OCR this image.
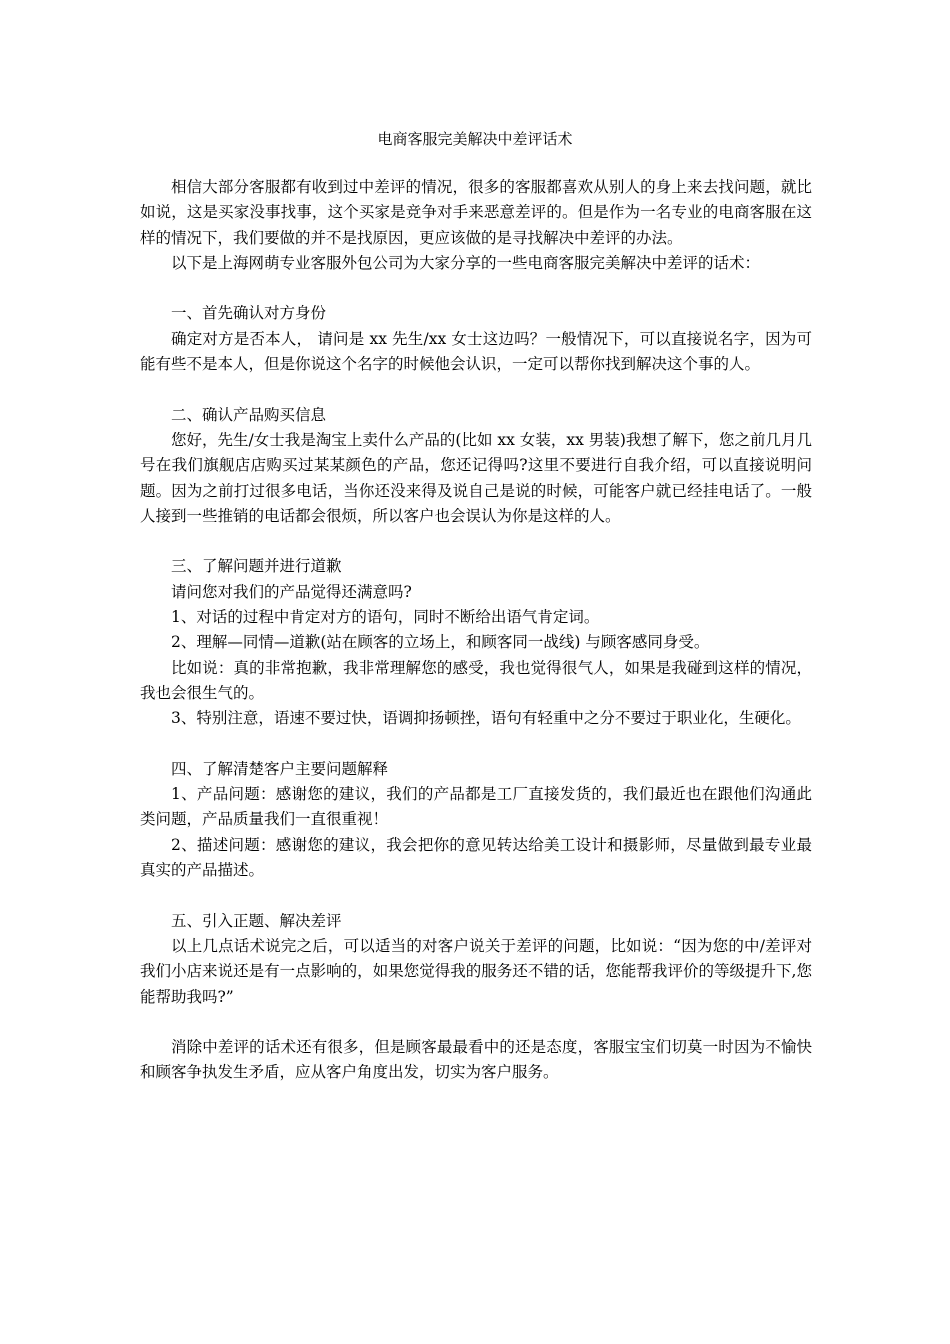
电商客服完美解决中差评话术

相信大部分客服都有收到过中差评的情况，很多的客服都喜欢从别人的身上来去找问题，就比如说，这是买家没事找事，这个买家是竞争对手来恶意差评的。但是作为一名专业的电商客服在这样的情况下，我们要做的并不是找原因，更应该做的是寻找解决中差评的办法。

以下是上海网萌专业客服外包公司为大家分享的一些电商客服完美解决中差评的话术：

一、首先确认对方身份

确定对方是否本人， 请问是 xx 先生/xx 女士这边吗？一般情况下，可以直接说名字，因为可能有些不是本人，但是你说这个名字的时候他会认识，一定可以帮你找到解决这个事的人。

二、确认产品购买信息

您好，先生/女士我是淘宝上卖什么产品的(比如 xx 女装，xx 男装)我想了解下，您之前几月几号在我们旗舰店店购买过某某颜色的产品，您还记得吗?这里不要进行自我介绍，可以直接说明问题。因为之前打过很多电话，当你还没来得及说自己是说的时候，可能客户就已经挂电话了。一般人接到一些推销的电话都会很烦，所以客户也会误认为你是这样的人。

三、了解问题并进行道歉

请问您对我们的产品觉得还满意吗?

1、对话的过程中肯定对方的语句，同时不断给出语气肯定词。

2、理解—同情—道歉(站在顾客的立场上，和顾客同一战线) 与顾客感同身受。

比如说：真的非常抱歉，我非常理解您的感受，我也觉得很气人，如果是我碰到这样的情况，我也会很生气的。

3、特别注意，语速不要过快，语调抑扬顿挫，语句有轻重中之分不要过于职业化，生硬化。

四、了解清楚客户主要问题解释

1、产品问题：感谢您的建议，我们的产品都是工厂直接发货的，我们最近也在跟他们沟通此类问题，产品质量我们一直很重视！

2、描述问题：感谢您的建议，我会把你的意见转达给美工设计和摄影师，尽量做到最专业最真实的产品描述。

五、引入正题、解决差评

以上几点话术说完之后，可以适当的对客户说关于差评的问题，比如说：“因为您的中/差评对我们小店来说还是有一点影响的，如果您觉得我的服务还不错的话，您能帮我评价的等级提升下,您能帮助我吗?”

消除中差评的话术还有很多，但是顾客最最看中的还是态度，客服宝宝们切莫一时因为不愉快和顾客争执发生矛盾，应从客户角度出发，切实为客户服务。
